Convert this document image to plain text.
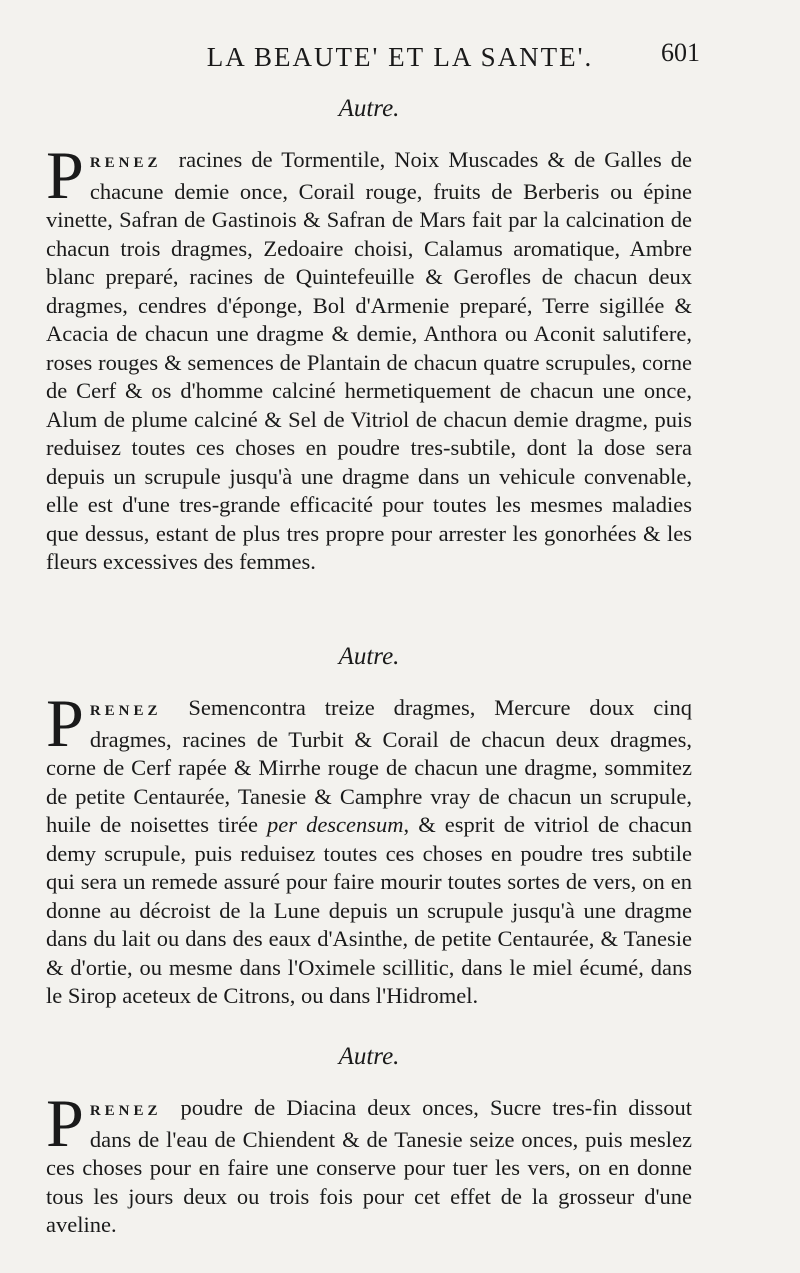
LA BEAUTE' ET LA SANTE'.	601
Autre.

P RENEZ racines de Tormentile, Noix Muscades & de Galles de chacune demie once, Corail rouge, fruits de Berberis ou épine vinette, Safran de Gastinois & Safran de Mars fait par la calcination de chacun trois dragmes, Zedoaire choisi, Calamus aromatique, Ambre blanc preparé, racines de Quintefeuille & Gerofles de chacun deux dragmes, cendres d'éponge, Bol d'Armenie preparé, Terre sigillée & Acacia de chacun une dragme & demie, Anthora ou Aconit salutifere, roses rouges & semences de Plantain de chacun quatre scrupules, corne de Cerf & os d'homme calciné hermetiquement de chacun une once, Alum de plume calciné & Sel de Vitriol de chacun demie dragme, puis reduisez toutes ces choses en poudre tres-subtile, dont la dose sera depuis un scrupule jusqu'à une dragme dans un vehicule convenable, elle est d'une tres-grande efficacité pour toutes les mesmes maladies que dessus, estant de plus tres propre pour arrester les gonorhées & les fleurs excessives des femmes.

Autre.

P RENEZ Semencontra treize dragmes, Mercure doux cinq dragmes, racines de Turbit & Corail de chacun deux dragmes, corne de Cerf rapée & Mirrhe rouge de chacun une dragme, sommitez de petite Centaurée, Tanesie & Camphre vray de chacun un scrupule, huile de noisettes tirée per descensum, & esprit de vitriol de chacun demy scrupule, puis reduisez toutes ces choses en poudre tres subtile qui sera un remede assuré pour faire mourir toutes sortes de vers, on en donne au décroist de la Lune depuis un scrupule jusqu'à une dragme dans du lait ou dans des eaux d'Asinthe, de petite Centaurée, & Tanesie & d'ortie, ou mesme dans l'Oximele scillitic, dans le miel écumé, dans le Sirop aceteux de Citrons, ou dans l'Hidromel.

Autre.

P RENEZ poudre de Diacina deux onces, Sucre tres-fin dissout dans de l'eau de Chiendent & de Tanesie seize onces, puis meslez ces choses pour en faire une conserve pour tuer les vers, on en donne tous les jours deux ou trois fois pour cet effet de la grosseur d'une aveline.
